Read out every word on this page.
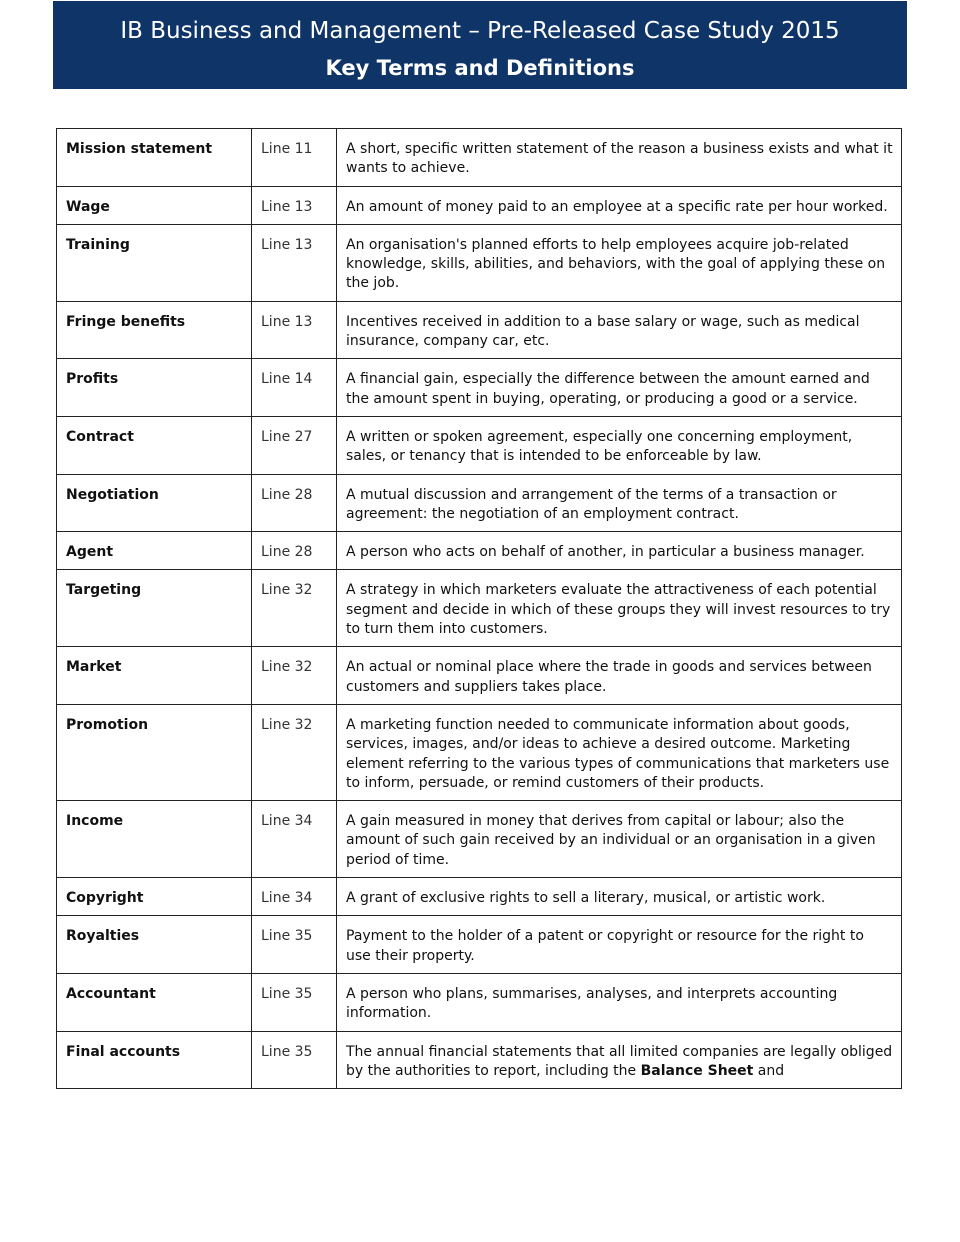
IB Business and Management – Pre-Released Case Study 2015
Key Terms and Definitions
Mission statement	Line 11	A short, specific written statement of the reason a business exists and what it wants to achieve.
Wage	Line 13	An amount of money paid to an employee at a specific rate per hour worked.
Training	Line 13	An organisation's planned efforts to help employees acquire job-related knowledge, skills, abilities, and behaviors, with the goal of applying these on the job.
Fringe benefits	Line 13	Incentives received in addition to a base salary or wage, such as medical insurance, company car, etc.
Profits	Line 14	A financial gain, especially the difference between the amount earned and the amount spent in buying, operating, or producing a good or a service.
Contract	Line 27	A written or spoken agreement, especially one concerning employment, sales, or tenancy that is intended to be enforceable by law.
Negotiation	Line 28	A mutual discussion and arrangement of the terms of a transaction or agreement: the negotiation of an employment contract.
Agent	Line 28	A person who acts on behalf of another, in particular a business manager.
Targeting	Line 32	A strategy in which marketers evaluate the attractiveness of each potential segment and decide in which of these groups they will invest resources to try to turn them into customers.
Market	Line 32	An actual or nominal place where the trade in goods and services between customers and suppliers takes place.
Promotion	Line 32	A marketing function needed to communicate information about goods, services, images, and/or ideas to achieve a desired outcome. Marketing element referring to the various types of communications that marketers use to inform, persuade, or remind customers of their products.
Income	Line 34	A gain measured in money that derives from capital or labour; also the amount of such gain received by an individual or an organisation in a given period of time.
Copyright	Line 34	A grant of exclusive rights to sell a literary, musical, or artistic work.
Royalties	Line 35	Payment to the holder of a patent or copyright or resource for the right to use their property.
Accountant	Line 35	A person who plans, summarises, analyses, and interprets accounting information.
Final accounts	Line 35	The annual financial statements that all limited companies are legally obliged by the authorities to report, including the Balance Sheet and
